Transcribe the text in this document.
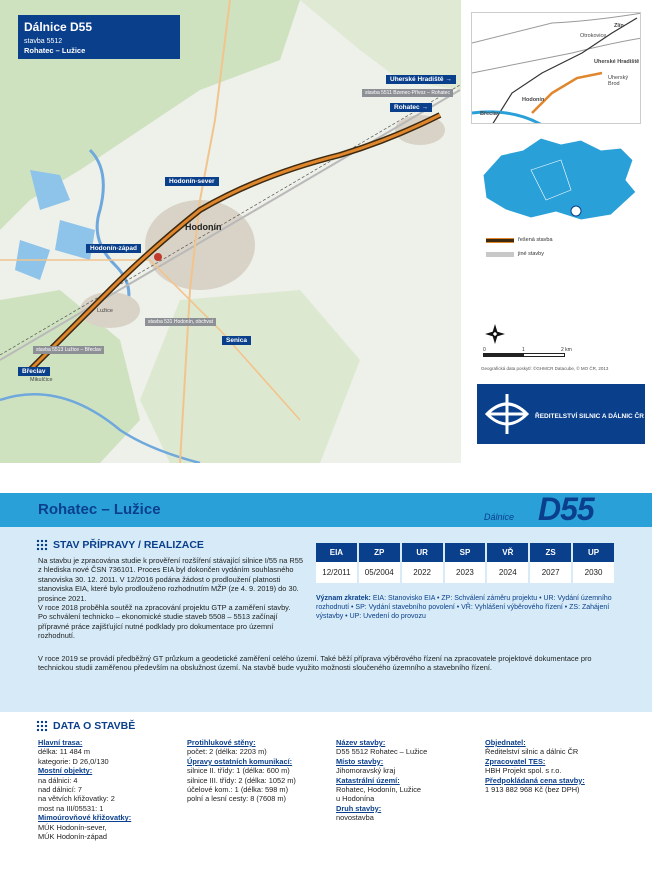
Dálnice D55
stavba 5512
Rohatec – Lužice
Uherské Hradiště →
stavba 5511 Bzenec-Přívoz – Rohatec
Rohatec →
Hodonín-sever
Hodonín-západ
stavba 531 Hodonín, obchvat
Senica
stavba 5513 Lužice – Břeclav
Břeclav
Hodonín
Lužice
Mikulčice
Zlín
Otrokovice
Uherské Hradiště
Uherský Brod
Hodonín
Břeclav
řešená stavba
jiné stavby
0	1	2 km
Geografická data poskytl: ©GHMCR Datacube, © MO ČR, 2013
ŘEDITELSTVÍ SILNIC A DÁLNIC ČR
Rohatec – Lužice	Dálnice D55
STAV PŘÍPRAVY / REALIZACE

Na stavbu je zpracována studie k prověření rozšíření stávající silnice I/55 na R55 z hlediska nové ČSN 736101. Proces EIA byl dokončen vydáním souhlasného stanoviska 30. 12. 2011. V 12/2016 podána žádost o prodloužení platnosti stanoviska EIA, které bylo prodlouženo rozhodnutím MŽP (ze 4. 9. 2019) do 30. prosince 2021.

V roce 2018 proběhla soutěž na zpracování projektu GTP a zaměření stavby.

Po schválení technicko – ekonomické studie staveb 5508 – 5513 začínají přípravné práce zajišťující nutné podklady pro dokumentace pro územní rozhodnutí.

V roce 2019 se provádí předběžný GT průzkum a geodetické zaměření celého území. Také běží příprava výběrového řízení na zpracovatele projektové dokumentace pro technickou studii zaměřenou především na obslužnost území. Na stavbě bude využito možnosti sloučeného územního a stavebního řízení.
EIA	ZP	UR	SP	VŘ	ZS	UP
12/2011	05/2004	2022	2023	2024	2027	2030
Význam zkratek: EIA: Stanovisko EIA • ZP: Schválení záměru projektu • UR: Vydání územního rozhodnutí • SP: Vydání stavebního povolení • VŘ: Vyhlášení výběrového řízení • ZS: Zahájení výstavby • UP: Uvedení do provozu
DATA O STAVBĚ
Hlavní trasa:
délka: 11 484 m
kategorie: D 26,0/130
Mostní objekty:
na dálnici: 4
nad dálnicí: 7
na větvích křižovatky: 2
most na III/05531: 1
Mimoúrovňové křižovatky:
MÚK Hodonín-sever,
MÚK Hodonín-západ
Protihlukové stěny:
počet: 2 (délka: 2203 m)
Úpravy ostatních komunikací:
silnice II. třídy: 1 (délka: 600 m)
silnice III. třídy: 2 (délka: 1052 m)
účelové kom.: 1 (délka: 598 m)
polní a lesní cesty: 8 (7608 m)
Název stavby:
D55 5512 Rohatec – Lužice
Místo stavby:
Jihomoravský kraj
Katastrální území:
Rohatec, Hodonín, Lužice
u Hodonína
Druh stavby:
novostavba
Objednatel:
Ředitelství silnic a dálnic ČR
Zpracovatel TES:
HBH Projekt spol. s r.o.
Předpokládaná cena stavby:
1 913 882 968 Kč (bez DPH)
